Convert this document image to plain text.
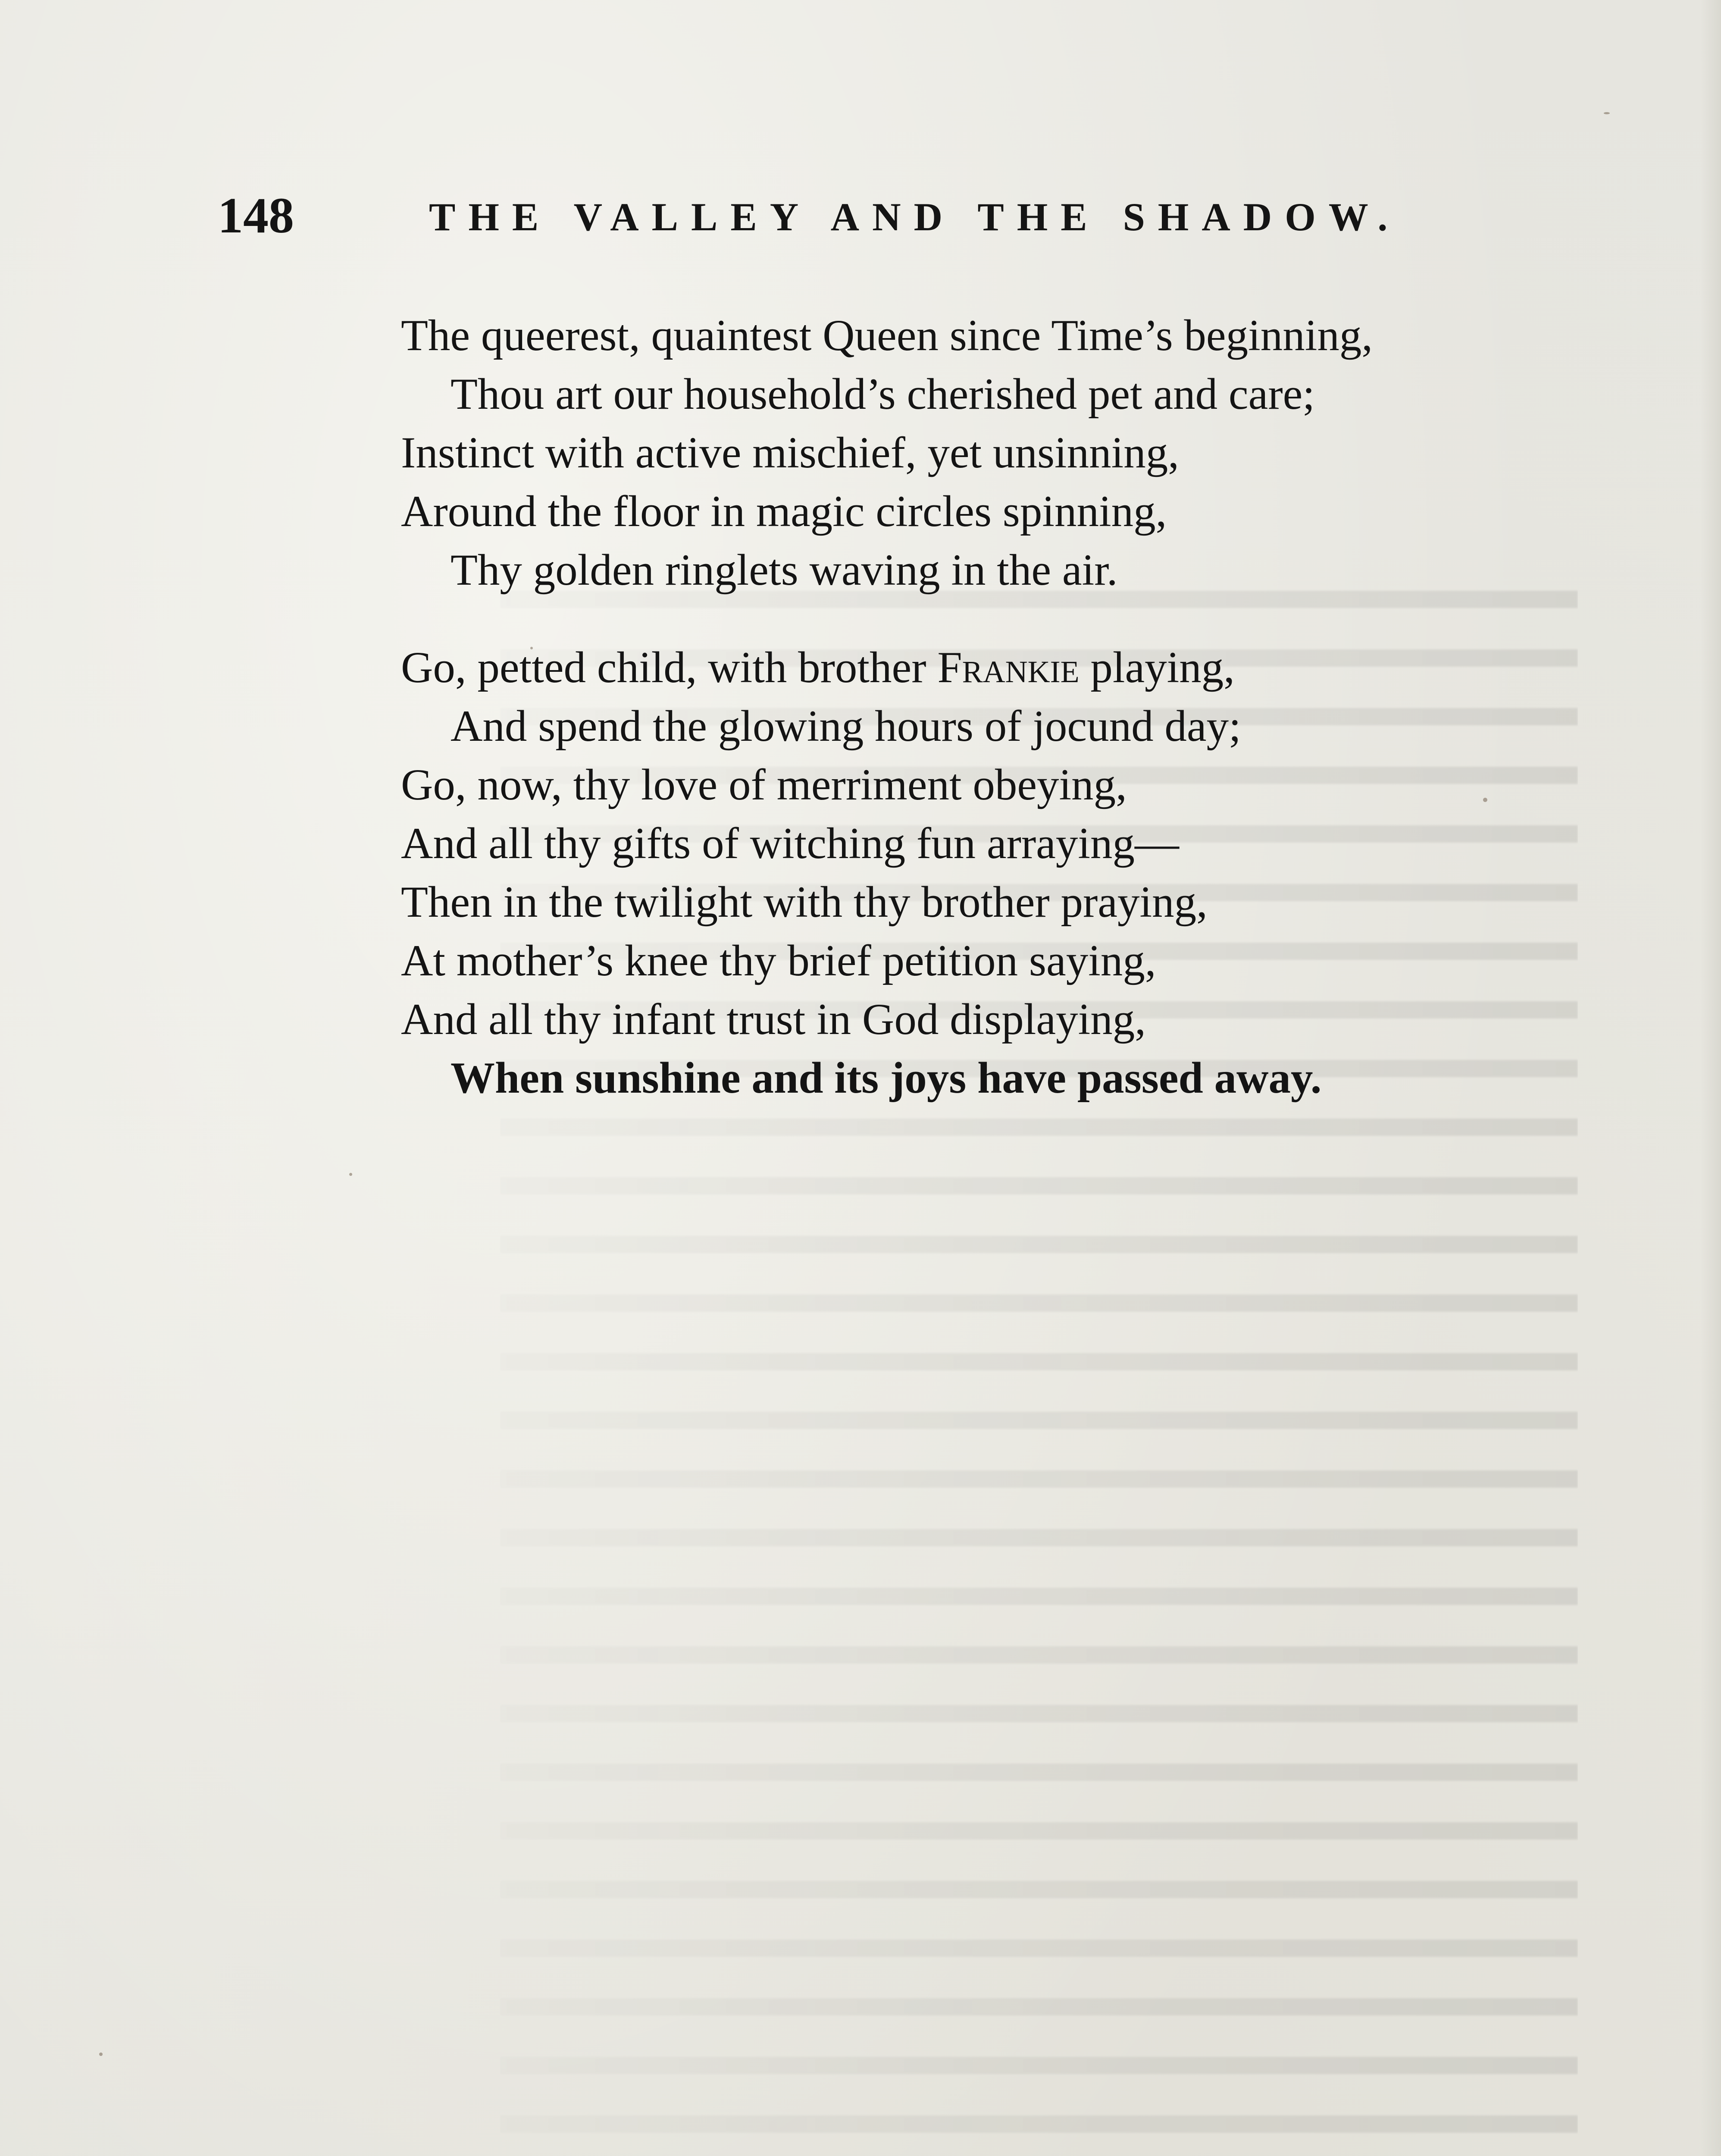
148	THE VALLEY AND THE SHADOW.
The queerest, quaintest Queen since Time’s beginning,
Thou art our household’s cherished pet and care;
Instinct with active mischief, yet unsinning,
Around the floor in magic circles spinning,
Thy golden ringlets waving in the air.
Go, petted child, with brother Frankie playing,
And spend the glowing hours of jocund day;
Go, now, thy love of merriment obeying,
And all thy gifts of witching fun arraying—
Then in the twilight with thy brother praying,
At mother’s knee thy brief petition saying,
And all thy infant trust in God displaying,
When sunshine and its joys have passed away.
